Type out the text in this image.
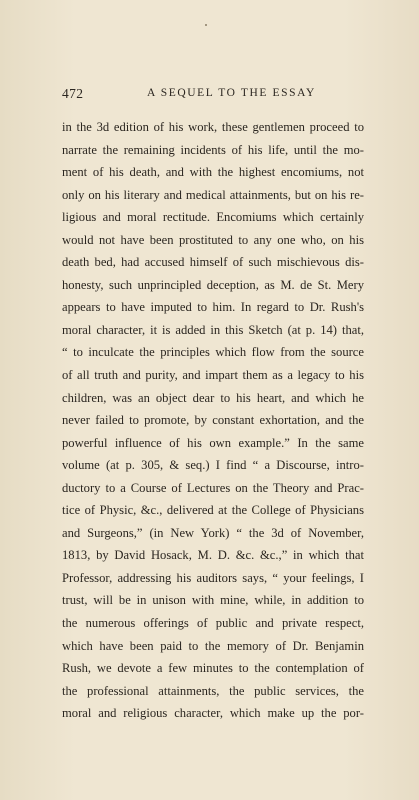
472	A SEQUEL TO THE ESSAY
in the 3d edition of his work, these gentlemen proceed to
narrate the remaining incidents of his life, until the mo-
ment of his death, and with the highest encomiums, not
only on his literary and medical attainments, but on his re-
ligious and moral rectitude. Encomiums which certainly
would not have been prostituted to any one who, on his
death bed, had accused himself of such mischievous dis-
honesty, such unprincipled deception, as M. de St. Mery
appears to have imputed to him. In regard to Dr. Rush's
moral character, it is added in this Sketch (at p. 14) that,
“ to inculcate the principles which flow from the source
of all truth and purity, and impart them as a legacy to his
children, was an object dear to his heart, and which he
never failed to promote, by constant exhortation, and the
powerful influence of his own example.” In the same
volume (at p. 305, & seq.) I find “ a Discourse, intro-
ductory to a Course of Lectures on the Theory and Prac-
tice of Physic, &c., delivered at the College of Physicians
and Surgeons,” (in New York) “ the 3d of November,
1813, by David Hosack, M. D. &c. &c.,” in which that
Professor, addressing his auditors says, “ your feelings, I
trust, will be in unison with mine, while, in addition to
the numerous offerings of public and private respect,
which have been paid to the memory of Dr. Benjamin
Rush, we devote a few minutes to the contemplation of
the professional attainments, the public services, the
moral and religious character, which make up the por-
